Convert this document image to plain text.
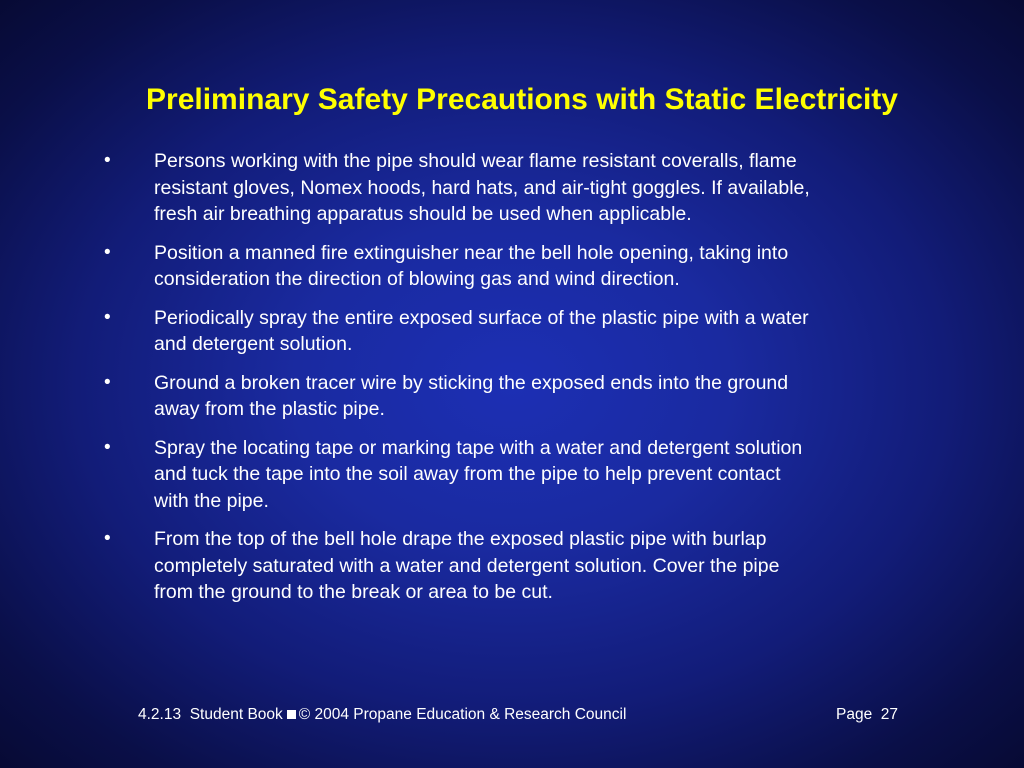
Preliminary Safety Precautions with Static Electricity
• Persons working with the pipe should wear flame resistant coveralls, flame
resistant gloves, Nomex hoods, hard hats, and air-tight goggles. If available,
fresh air breathing apparatus should be used when applicable.
• Position a manned fire extinguisher near the bell hole opening, taking into
consideration the direction of blowing gas and wind direction.
• Periodically spray the entire exposed surface of the plastic pipe with a water
and detergent solution.
• Ground a broken tracer wire by sticking the exposed ends into the ground
away from the plastic pipe.
• Spray the locating tape or marking tape with a water and detergent solution
and tuck the tape into the soil away from the pipe to help prevent contact
with the pipe.
• From the top of the bell hole drape the exposed plastic pipe with burlap
completely saturated with a water and detergent solution. Cover the pipe
from the ground to the break or area to be cut.
4.2.13  Student Book © 2004 Propane Education & Research Council	Page  27
